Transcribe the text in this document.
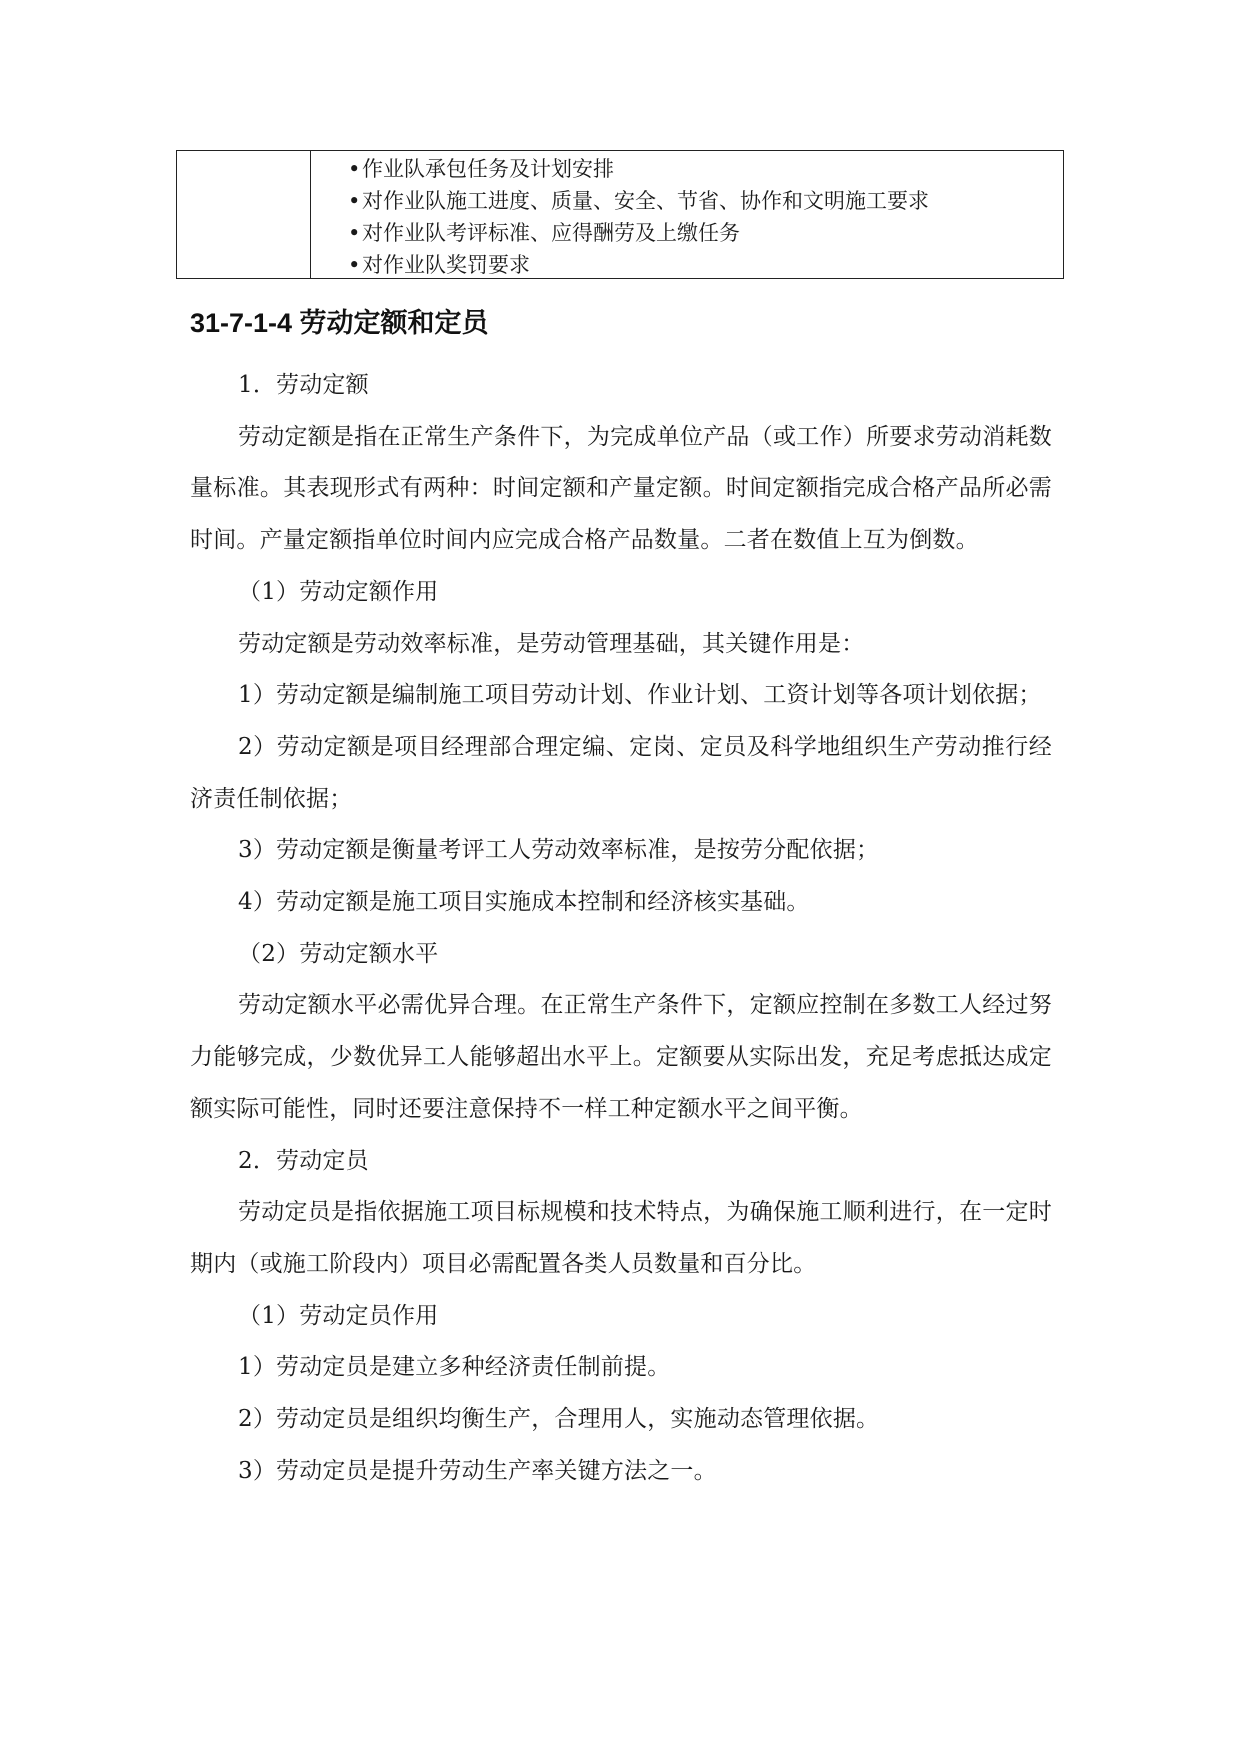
•作业队承包任务及计划安排
•对作业队施工进度、质量、安全、节省、协作和文明施工要求
•对作业队考评标准、应得酬劳及上缴任务
•对作业队奖罚要求
31-7-1-4 劳动定额和定员

1．劳动定额

劳动定额是指在正常生产条件下，为完成单位产品（或工作）所要求劳动消耗数量标准。其表现形式有两种：时间定额和产量定额。时间定额指完成合格产品所必需时间。产量定额指单位时间内应完成合格产品数量。二者在数值上互为倒数。

（1）劳动定额作用

劳动定额是劳动效率标准，是劳动管理基础，其关键作用是：

1）劳动定额是编制施工项目劳动计划、作业计划、工资计划等各项计划依据；

2）劳动定额是项目经理部合理定编、定岗、定员及科学地组织生产劳动推行经济责任制依据；

3）劳动定额是衡量考评工人劳动效率标准，是按劳分配依据；

4）劳动定额是施工项目实施成本控制和经济核实基础。

（2）劳动定额水平

劳动定额水平必需优异合理。在正常生产条件下，定额应控制在多数工人经过努力能够完成，少数优异工人能够超出水平上。定额要从实际出发，充足考虑抵达成定额实际可能性，同时还要注意保持不一样工种定额水平之间平衡。

2．劳动定员

劳动定员是指依据施工项目标规模和技术特点，为确保施工顺利进行，在一定时期内（或施工阶段内）项目必需配置各类人员数量和百分比。

（1）劳动定员作用

1）劳动定员是建立多种经济责任制前提。

2）劳动定员是组织均衡生产，合理用人，实施动态管理依据。

3）劳动定员是提升劳动生产率关键方法之一。
